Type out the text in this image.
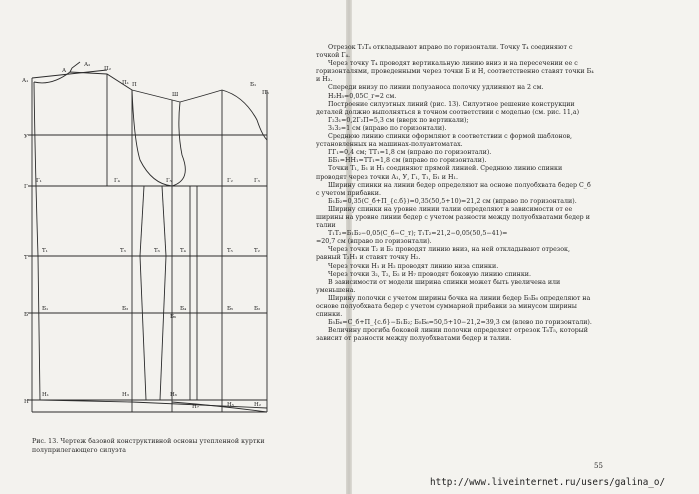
А₁
А
А₂
П₂
П₁ П
Ш
Б₁
П₆
У
Г
Т
Б
Н
Г₁	Г₄	Г₅	Г₂	Г₃
Т₁	Т₃	Т₆	Т₄	Т₅	Т₂
Б₁	Б₃
Б₆
Б₄	Б₅	Б₂
Н₁	Н₃	Н₆
Н₇	Н₅	Н₂
Рис. 13. Чертеж базовой конструктивной основы утепленной куртки полуприлегающего силуэта

Отрезок Т₃Т₄ откладывают вправо по горизонтали. Точку Т₄ соединяют с точкой Г₄.

Через точку Т₄ проводят вертикальную линию вниз и на пересечении ее с горизонталями, проведенными через точки Б и Н, соответственно ставят точки Б₄ и Н₃.

Спереди внизу по линии полузаноса полочку удлиняют на 2 см.

Н₂Н₅=0,05С_г=2 см.

Построение силуэтных линий (рис. 13). Силуэтное решение конструкции деталей должно выполняться в точном соответствии с моделью (см. рис. 11,а)

Г₂З₁=0,2Г₂П=5,3 см (вверх по вертикали);

З₁З₂=1 см (вправо по горизонтали).

Среднюю линию спинки оформляют в соответствии с формой шаблонов, установленных на машинах-полуавтоматах.

ГГ₁=0,4 см; ТТ₁=1,8 см (вправо по горизонтали).

ББ₁=НН₁=ТТ₁=1,8 см (вправо по горизонтали).

Точки Т₁, Б₁ и Н₁ соединяют прямой линией. Среднюю линию спинки проводят через точки А₁, У, Г₁, Т₁, Б₁ и Н₁.

Ширину спинки на линии бедер определяют на основе полуобхвата бедер С_б с учетом прибавки.

Б₁Б₂=0,35(С_б+П_{с.б})=0,35(50,5+10)=21,2 см (вправо по горизонтали).

Ширину спинки на уровне линии талии определяют в зависимости от ее ширины на уровне линии бедер с учетом разности между полуобхватами бедер и талии

Т₁Т₂=Б₁Б₂−0,05(С_б−С_т); Т₁Т₂=21,2−0,05(50,5−41)=

=20,7 см (вправо по горизонтали).

Через точки Т₂ и Б₂ проводят линию вниз, на ней откладывают отрезок, равный Т₂Н₁ и ставят точку Н₂.

Через точки Н₁ и Н₂ проводят линию низа спинки.

Через точки З₂, Т₂, Б₂ и Н₇ проводят боковую линию спинки.

В зависимости от модели ширина спинки может быть увеличена или уменьшена.

Ширину полочки с учетом ширины бочка на линии бедер Б₅Б₆ определяют на основе полуобхвата бедер с учетом суммарной прибавки за минусом ширины спинки.

Б₅Б₆=С_б+П_{с.б}−Б₁Б₂; Б₅Б₆=50,5+10−21,2=39,3 см (влево по горизонтали).

Величину прогиба боковой линии полочки определяет отрезок Т₆Т₅, который зависит от разности между полуобхватами бедер и талии.

55
http://www.liveinternet.ru/users/galina_o/
